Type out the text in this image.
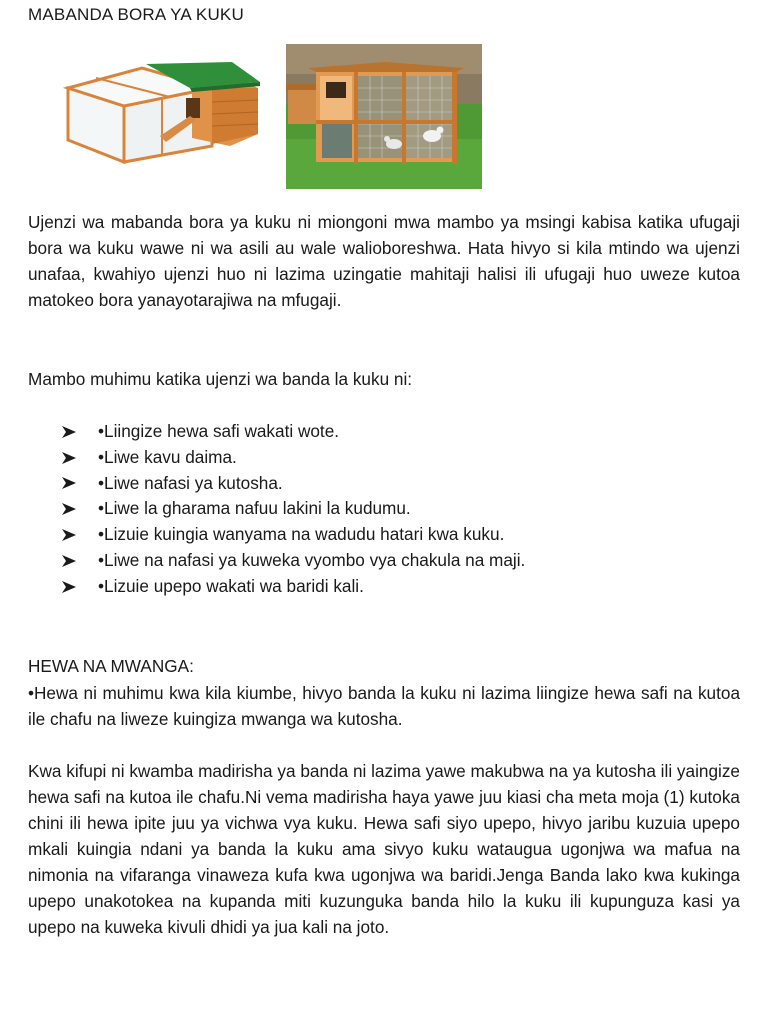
MABANDA BORA YA KUKU

Ujenzi wa mabanda bora ya kuku ni miongoni mwa mambo ya msingi kabisa katika ufugaji bora wa kuku wawe ni wa asili au wale walioboreshwa. Hata hivyo si kila mtindo wa ujenzi unafaa, kwahiyo ujenzi huo ni lazima uzingatie mahitaji halisi ili ufugaji huo uweze kutoa matokeo bora yanayotarajiwa na mfugaji.

Mambo muhimu katika ujenzi wa banda la kuku ni:
•Liingize hewa safi wakati wote.
•Liwe kavu daima.
•Liwe nafasi ya kutosha.
•Liwe la gharama nafuu lakini la kudumu.
•Lizuie kuingia wanyama na wadudu hatari kwa kuku.
•Liwe na nafasi ya kuweka vyombo vya chakula na maji.
•Lizuie upepo wakati wa baridi kali.
HEWA NA MWANGA:

•Hewa ni muhimu kwa kila kiumbe, hivyo banda la kuku ni lazima liingize hewa safi na kutoa ile chafu na liweze kuingiza mwanga wa kutosha.

Kwa kifupi ni kwamba madirisha ya banda ni lazima yawe makubwa na ya kutosha ili yaingize hewa safi na kutoa ile chafu.Ni vema madirisha haya yawe juu kiasi cha meta moja (1) kutoka chini ili hewa ipite juu ya vichwa vya kuku. Hewa safi siyo upepo, hivyo jaribu kuzuia upepo mkali kuingia ndani ya banda la kuku ama sivyo kuku wataugua ugonjwa wa mafua na nimonia na vifaranga vinaweza kufa kwa ugonjwa wa baridi.Jenga Banda lako kwa kukinga upepo unakotokea na kupanda miti kuzunguka banda hilo la kuku ili kupunguza kasi ya upepo na kuweka kivuli dhidi ya jua kali na joto.
